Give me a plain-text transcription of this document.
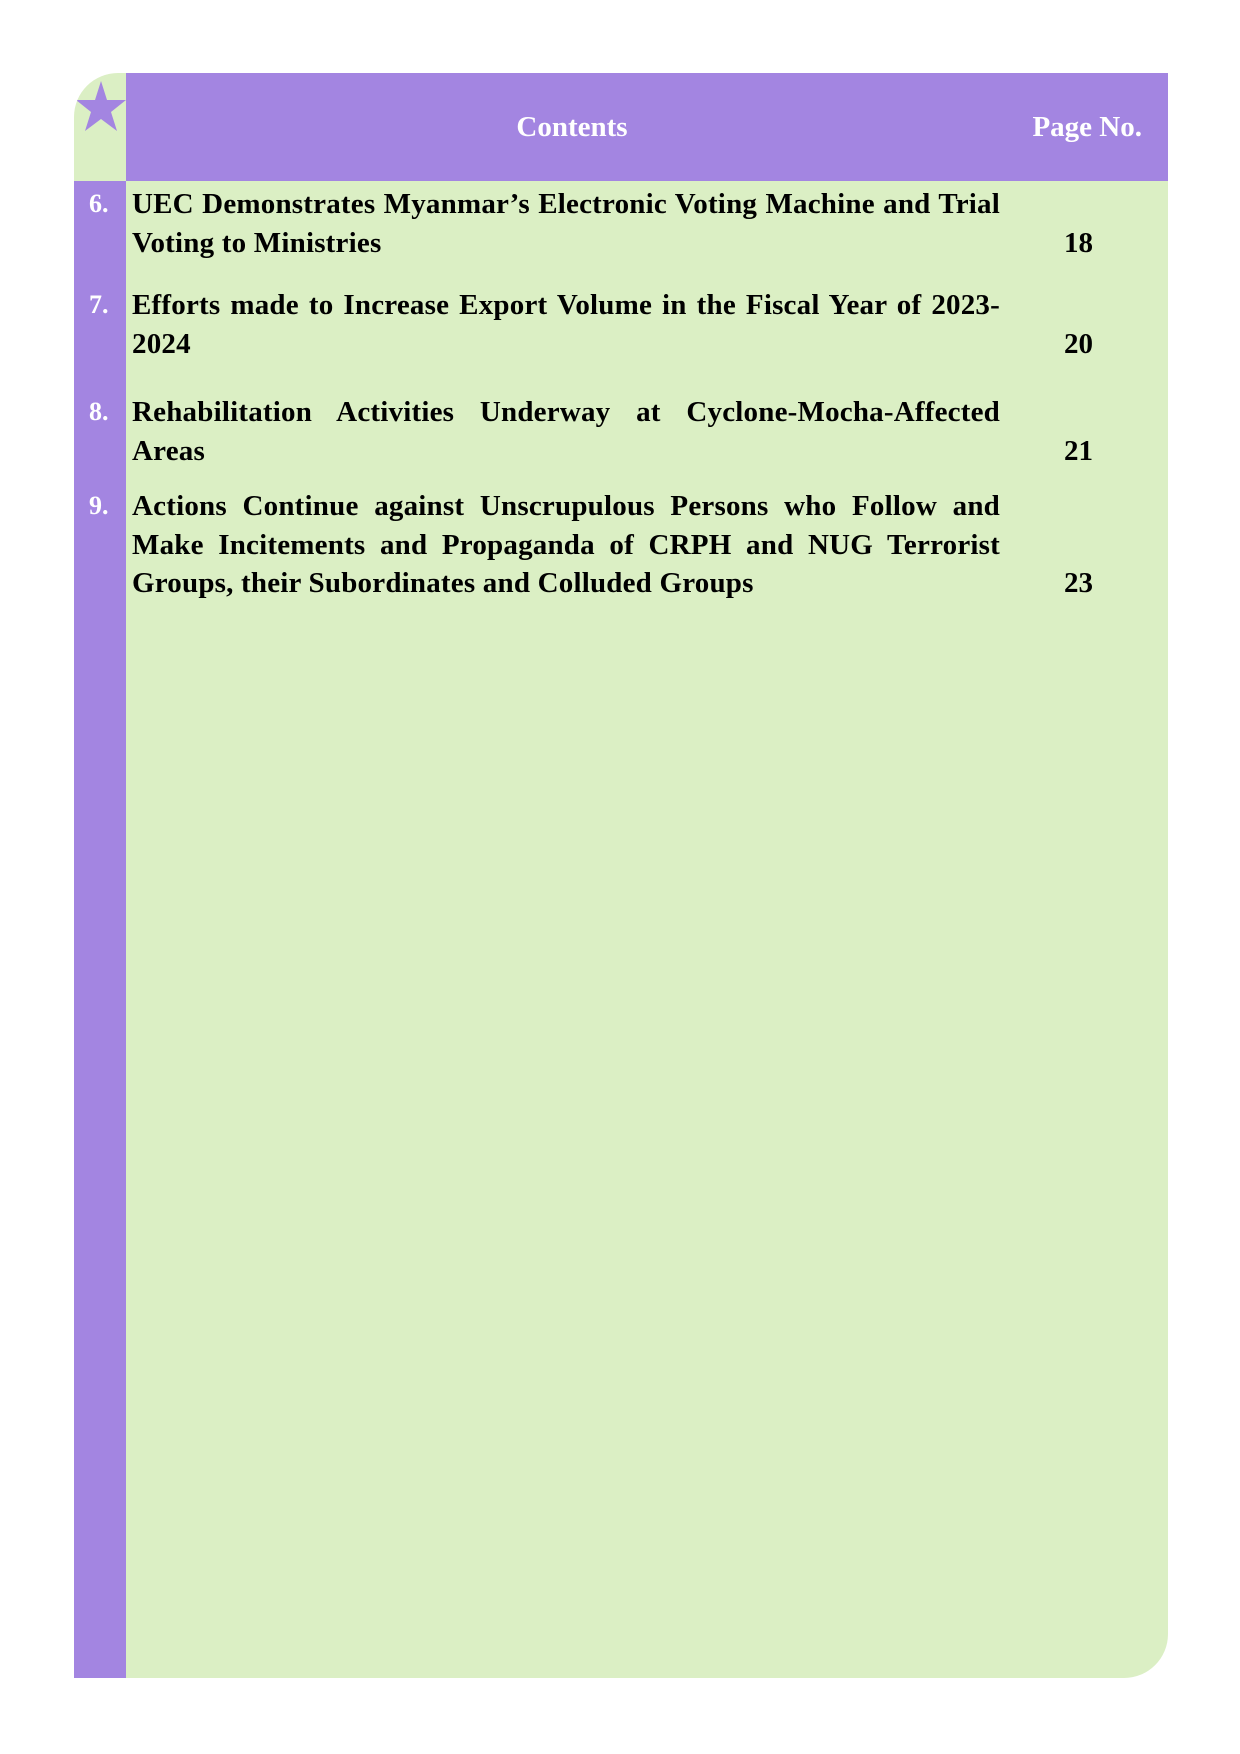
Contents	Page No.
6. UEC Demonstrates Myanmar’s Electronic Voting Machine and Trial Voting to Ministries	18
7. Efforts made to Increase Export Volume in the Fiscal Year of 2023-2024	20
8. Rehabilitation Activities Underway at Cyclone-Mocha-Affected Areas	21
9. Actions Continue against Unscrupulous Persons who Follow and Make Incitements and Propaganda of CRPH and NUG Terrorist Groups, their Subordinates and Colluded Groups	23
